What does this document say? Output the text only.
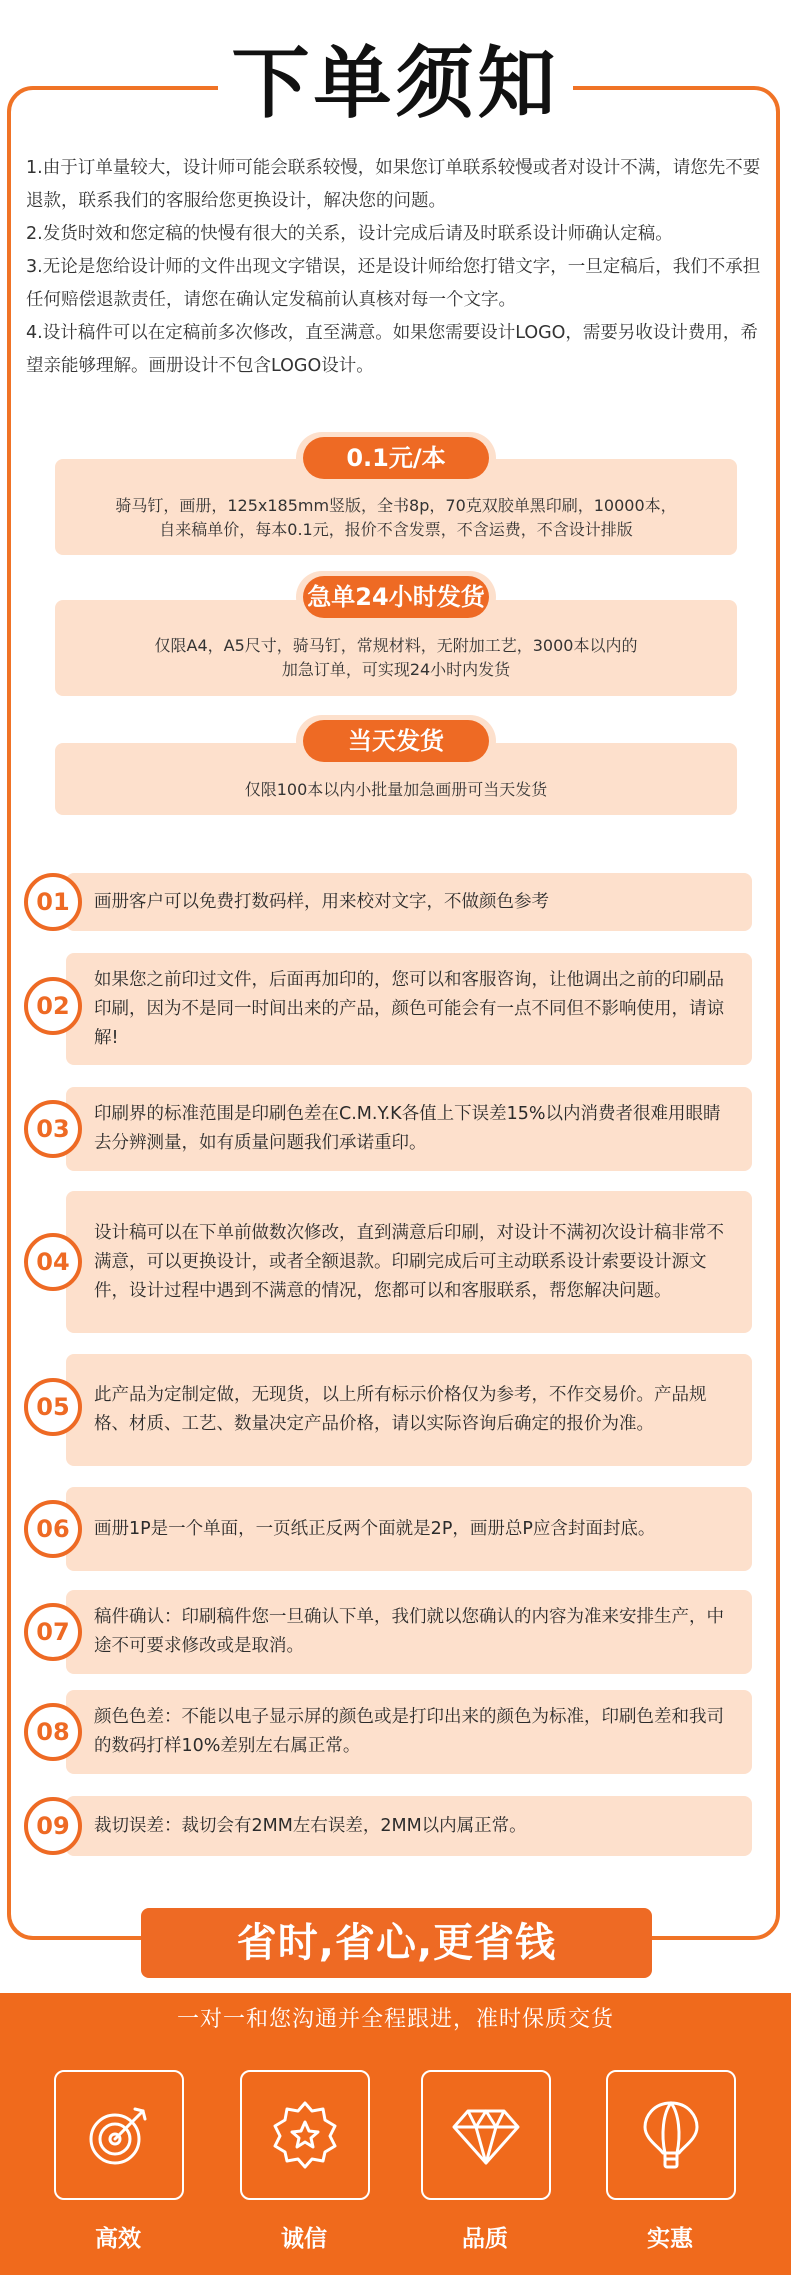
下单须知

1.由于订单量较大，设计师可能会联系较慢，如果您订单联系较慢或者对设计不满，请您先不要退款，联系我们的客服给您更换设计，解决您的问题。

2.发货时效和您定稿的快慢有很大的关系，设计完成后请及时联系设计师确认定稿。

3.无论是您给设计师的文件出现文字错误，还是设计师给您打错文字，一旦定稿后，我们不承担任何赔偿退款责任，请您在确认定发稿前认真核对每一个文字。

4.设计稿件可以在定稿前多次修改，直至满意。如果您需要设计LOGO，需要另收设计费用，希望亲能够理解。画册设计不包含LOGO设计。

骑马钉，画册，125x185mm竖版，全书8p，70克双胶单黑印刷，10000本，
自来稿单价，每本0.1元，报价不含发票，不含运费，不含设计排版
0.1元/本
仅限A4，A5尺寸，骑马钉，常规材料，无附加工艺，3000本以内的
加急订单，可实现24小时内发货
急单24小时发货
仅限100本以内小批量加急画册可当天发货
当天发货
画册客户可以免费打数码样，用来校对文字，不做颜色参考
01
如果您之前印过文件，后面再加印的，您可以和客服咨询，让他调出之前的印刷品印刷，因为不是同一时间出来的产品，颜色可能会有一点不同但不影响使用，请谅解!
02
印刷界的标准范围是印刷色差在C.M.Y.K各值上下误差15%以内消费者很难用眼睛去分辨测量，如有质量问题我们承诺重印。
03
设计稿可以在下单前做数次修改，直到满意后印刷，对设计不满初次设计稿非常不满意，可以更换设计，或者全额退款。印刷完成后可主动联系设计索要设计源文件，设计过程中遇到不满意的情况，您都可以和客服联系，帮您解决问题。
04
此产品为定制定做，无现货，以上所有标示价格仅为参考，不作交易价。产品规格、材质、工艺、数量决定产品价格，请以实际咨询后确定的报价为准。
05
画册1P是一个单面，一页纸正反两个面就是2P，画册总P应含封面封底。
06
稿件确认：印刷稿件您一旦确认下单，我们就以您确认的内容为准来安排生产，中途不可要求修改或是取消。
07
颜色色差：不能以电子显示屏的颜色或是打印出来的颜色为标准，印刷色差和我司的数码打样10%差别左右属正常。
08
裁切误差：裁切会有2MM左右误差，2MM以内属正常。
09
一对一和您沟通并全程跟进，准时保质交货
高效	诚信	品质	实惠
省时,省心,更省钱
